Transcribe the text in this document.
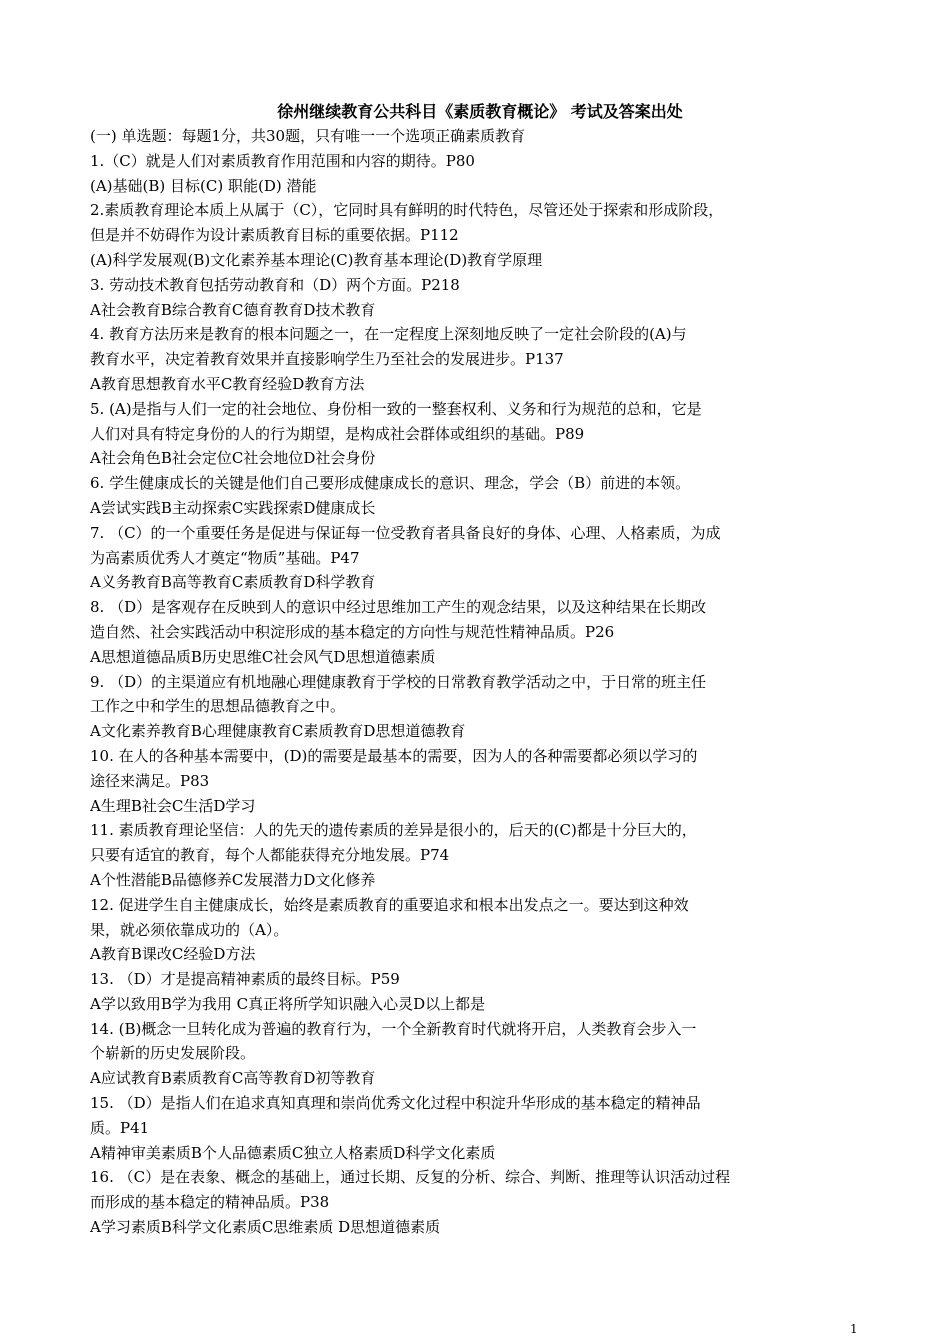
徐州继续教育公共科目《素质教育概论》 考试及答案出处
(一) 单选题：每题1分，共30题，只有唯一一个选项正确素质教育
1.（C）就是人们对素质教育作用范围和内容的期待。P80
(A)基础(B) 目标(C) 职能(D) 潜能
2.素质教育理论本质上从属于（C），它同时具有鲜明的时代特色，尽管还处于探索和形成阶段，
但是并不妨碍作为设计素质教育目标的重要依据。P112
(A)科学发展观(B)文化素养基本理论(C)教育基本理论(D)教育学原理
3. 劳动技术教育包括劳动教育和（D）两个方面。P218
A社会教育B综合教育C德育教育D技术教育
4. 教育方法历来是教育的根本问题之一，在一定程度上深刻地反映了一定社会阶段的(A)与
教育水平，决定着教育效果并直接影响学生乃至社会的发展进步。P137
A教育思想教育水平C教育经验D教育方法
5. (A)是指与人们一定的社会地位、身份相一致的一整套权利、义务和行为规范的总和，它是
人们对具有特定身份的人的行为期望，是构成社会群体或组织的基础。P89
A社会角色B社会定位C社会地位D社会身份
6. 学生健康成长的关键是他们自己要形成健康成长的意识、理念，学会（B）前进的本领。
A尝试实践B主动探索C实践探索D健康成长
7. （C）的一个重要任务是促进与保证每一位受教育者具备良好的身体、心理、人格素质，为成
为高素质优秀人才奠定“物质”基础。P47
A义务教育B高等教育C素质教育D科学教育
8. （D）是客观存在反映到人的意识中经过思维加工产生的观念结果，以及这种结果在长期改
造自然、社会实践活动中积淀形成的基本稳定的方向性与规范性精神品质。P26
A思想道德品质B历史思维C社会风气D思想道德素质
9. （D）的主渠道应有机地融心理健康教育于学校的日常教育教学活动之中，于日常的班主任
工作之中和学生的思想品德教育之中。
A文化素养教育B心理健康教育C素质教育D思想道德教育
10. 在人的各种基本需要中，(D)的需要是最基本的需要，因为人的各种需要都必须以学习的
途径来满足。P83
A生理B社会C生活D学习
11. 素质教育理论坚信：人的先天的遗传素质的差异是很小的，后天的(C)都是十分巨大的，
只要有适宜的教育，每个人都能获得充分地发展。P74
A个性潜能B品德修养C发展潜力D文化修养
12. 促进学生自主健康成长，始终是素质教育的重要追求和根本出发点之一。要达到这种效
果，就必须依靠成功的（A）。
A教育B课改C经验D方法
13. （D）才是提高精神素质的最终目标。P59
A学以致用B学为我用 C真正将所学知识融入心灵D以上都是
14. (B)概念一旦转化成为普遍的教育行为，一个全新教育时代就将开启，人类教育会步入一
个崭新的历史发展阶段。
A应试教育B素质教育C高等教育D初等教育
15. （D）是指人们在追求真知真理和崇尚优秀文化过程中积淀升华形成的基本稳定的精神品
质。P41
A精神审美素质B个人品德素质C独立人格素质D科学文化素质
16. （C）是在表象、概念的基础上，通过长期、反复的分析、综合、判断、推理等认识活动过程
而形成的基本稳定的精神品质。P38
A学习素质B科学文化素质C思维素质 D思想道德素质
1
